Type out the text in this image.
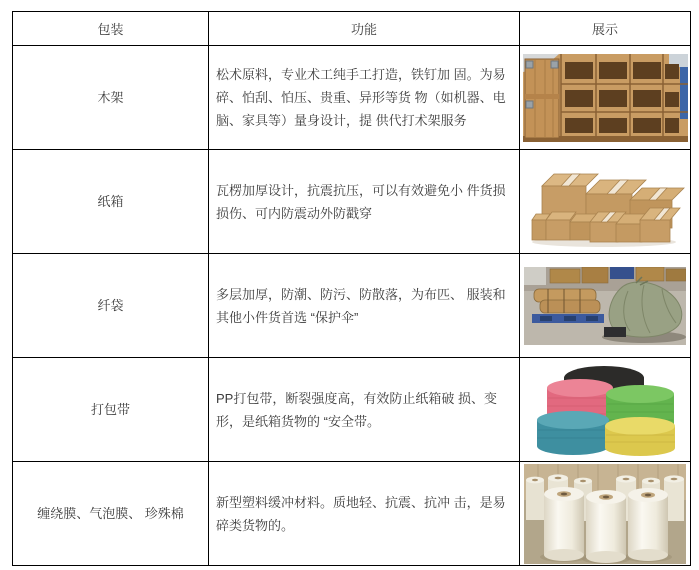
包装	功能	展示
木架	松术原料，专业术工纯手工打造，铁钉加 固。为易碎、怕刮、怕压、贵重、异形等货 物（如机器、电脑、家具等）量身设计，提 供代打术架服务	

纸箱	瓦楞加厚设计，抗震抗压，可以有效避免小 件货损损伤、可内防震动外防戳穿	

纤袋	多层加厚，防潮、防污、防散落，为布匹、 服装和其他小件货首选 “保护伞”	

打包带	PP打包带，断裂强度高，有效防止纸箱破 损、变形，是纸箱货物的 “安全带。	

缠绕膜、气泡膜、 珍殊棉	新型塑料缓冲材料。质地轻、抗震、抗冲 击，是易碎类货物的。	
